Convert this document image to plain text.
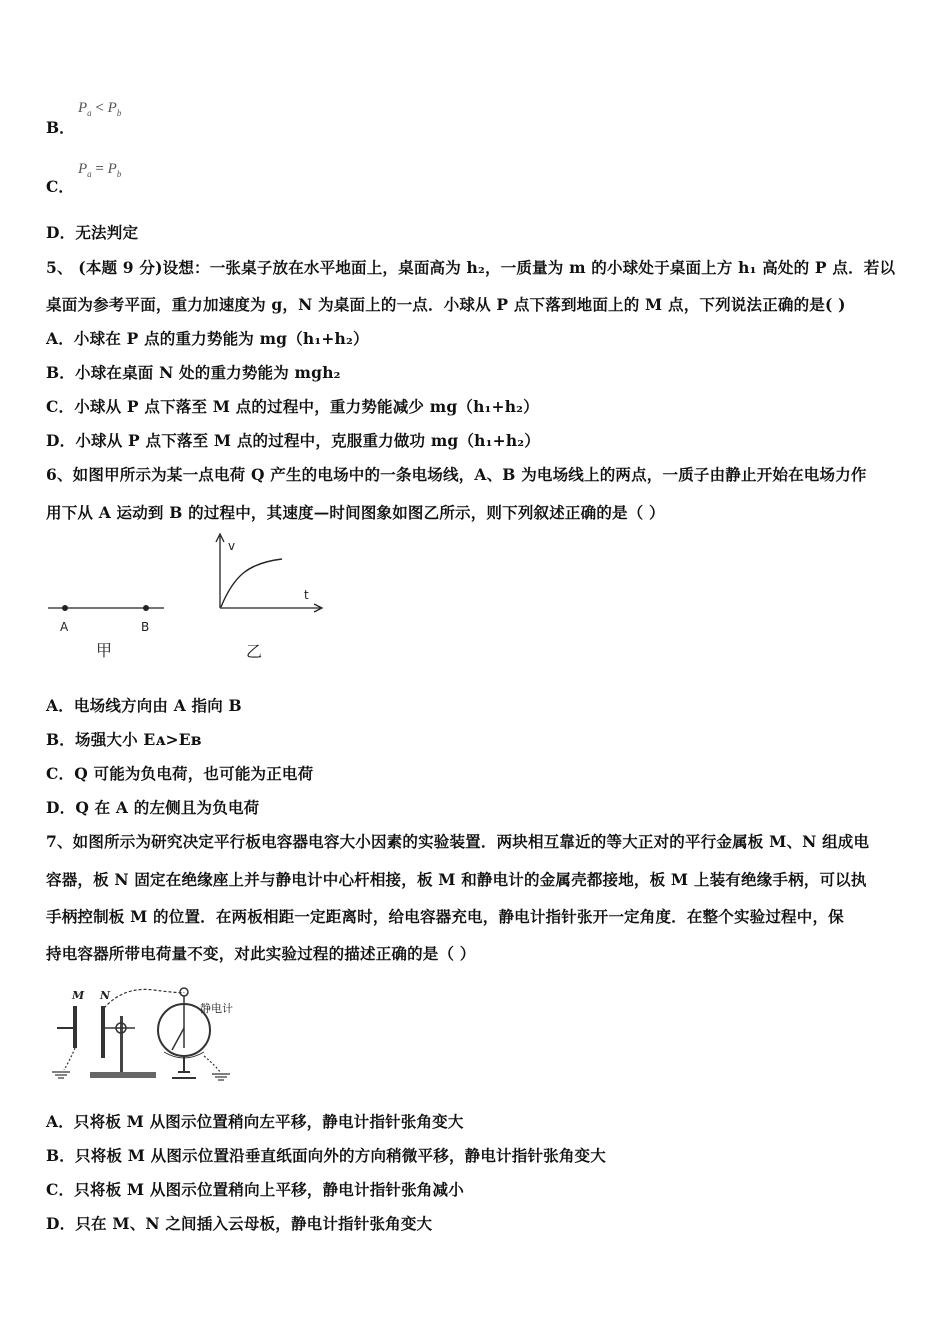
B．
$P_a < P_b$
C．
$P_a = P_b$
D．无法判定
5、 (本题 9 分)设想：一张桌子放在水平地面上，桌面高为 h₂，一质量为 m 的小球处于桌面上方 h₁ 高处的 P 点．若以
桌面为参考平面，重力加速度为 g，N 为桌面上的一点．小球从 P 点下落到地面上的 M 点，下列说法正确的是( )
A．小球在 P 点的重力势能为 mg（h₁+h₂）
B．小球在桌面 N 处的重力势能为 mgh₂
C．小球从 P 点下落至 M 点的过程中，重力势能减少 mg（h₁+h₂）
D．小球从 P 点下落至 M 点的过程中，克服重力做功 mg（h₁+h₂）
6、如图甲所示为某一点电荷 Q 产生的电场中的一条电场线，A、B 为电场线上的两点，一质子由静止开始在电场力作
用下从 A 运动到 B 的过程中，其速度—时间图象如图乙所示，则下列叙述正确的是（ ）
A	B
甲
v
t
乙
A．电场线方向由 A 指向 B
B．场强大小 Eᴀ>Eʙ
C．Q 可能为负电荷，也可能为正电荷
D．Q 在 A 的左侧且为负电荷
7、如图所示为研究决定平行板电容器电容大小因素的实验装置．两块相互靠近的等大正对的平行金属板 M、N 组成电
容器，板 N 固定在绝缘座上并与静电计中心杆相接，板 M 和静电计的金属壳都接地，板 M 上装有绝缘手柄，可以执
手柄控制板 M 的位置．在两板相距一定距离时，给电容器充电，静电计指针张开一定角度．在整个实验过程中，保
持电容器所带电荷量不变，对此实验过程的描述正确的是（ ）
M N
静电计
A．只将板 M 从图示位置稍向左平移，静电计指针张角变大
B．只将板 M 从图示位置沿垂直纸面向外的方向稍微平移，静电计指针张角变大
C．只将板 M 从图示位置稍向上平移，静电计指针张角减小
D．只在 M、N 之间插入云母板，静电计指针张角变大
